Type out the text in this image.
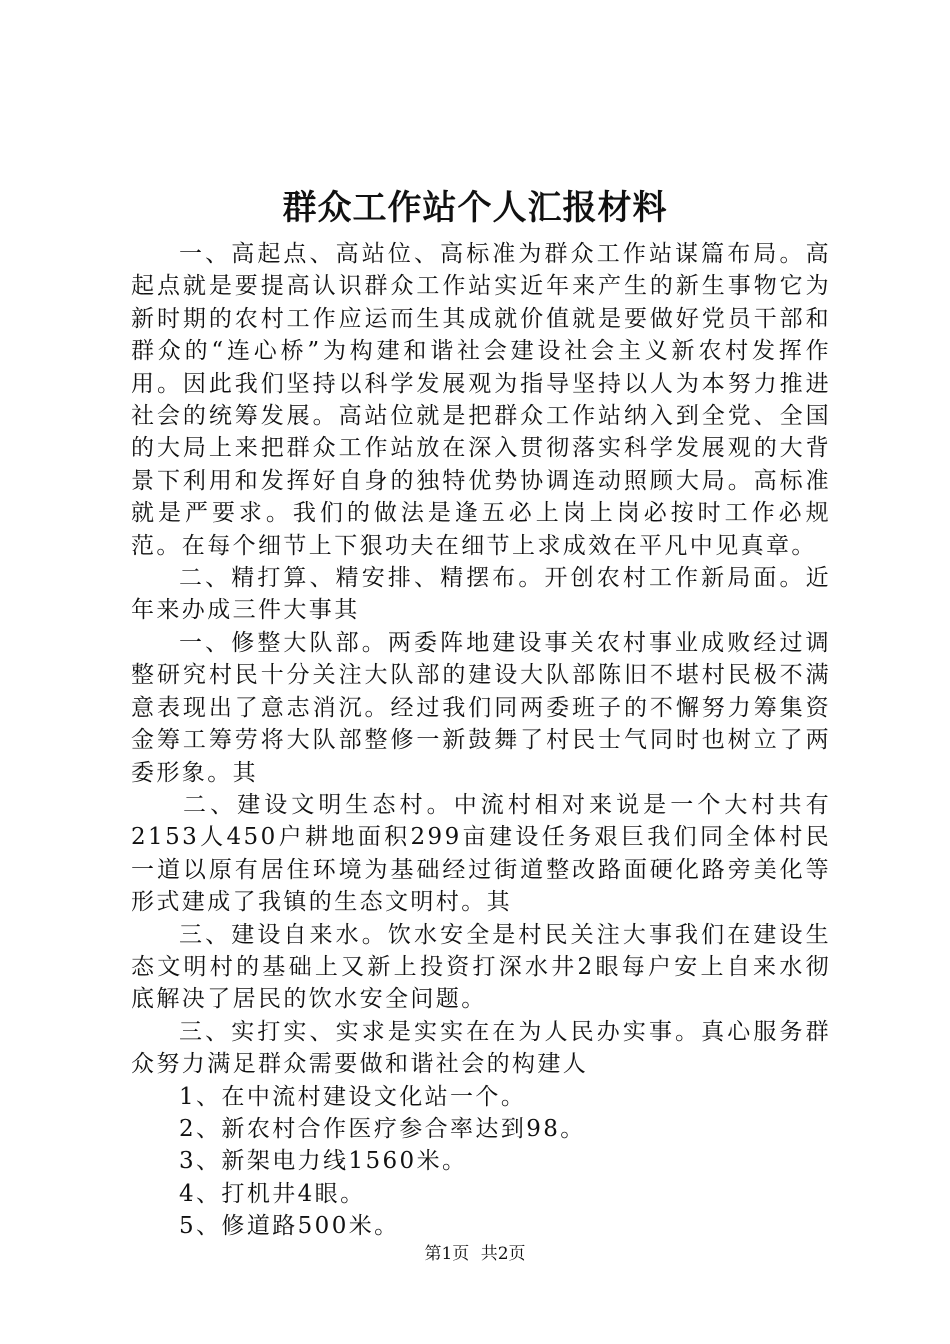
群众工作站个人汇报材料

一、高起点、高站位、高标准为群众工作站谋篇布局。高起点就是要提高认识群众工作站实近年来产生的新生事物它为新时期的农村工作应运而生其成就价值就是要做好党员干部和群众的“连心桥”为构建和谐社会建设社会主义新农村发挥作用。因此我们坚持以科学发展观为指导坚持以人为本努力推进社会的统筹发展。高站位就是把群众工作站纳入到全党、全国的大局上来把群众工作站放在深入贯彻落实科学发展观的大背景下利用和发挥好自身的独特优势协调连动照顾大局。高标准就是严要求。我们的做法是逢五必上岗上岗必按时工作必规范。在每个细节上下狠功夫在细节上求成效在平凡中见真章。

二、精打算、精安排、精摆布。开创农村工作新局面。近年来办成三件大事其

一、修整大队部。两委阵地建设事关农村事业成败经过调整研究村民十分关注大队部的建设大队部陈旧不堪村民极不满意表现出了意志消沉。经过我们同两委班子的不懈努力筹集资金筹工筹劳将大队部整修一新鼓舞了村民士气同时也树立了两委形象。其

二、建设文明生态村。中流村相对来说是一个大村共有2153人450户耕地面积299亩建设任务艰巨我们同全体村民一道以原有居住环境为基础经过街道整改路面硬化路旁美化等形式建成了我镇的生态文明村。其

三、建设自来水。饮水安全是村民关注大事我们在建设生态文明村的基础上又新上投资打深水井2眼每户安上自来水彻底解决了居民的饮水安全问题。

三、实打实、实求是实实在在为人民办实事。真心服务群众努力满足群众需要做和谐社会的构建人

1、在中流村建设文化站一个。

2、新农村合作医疗参合率达到98。

3、新架电力线1560米。

4、打机井4眼。

5、修道路500米。

第1页 共2页
